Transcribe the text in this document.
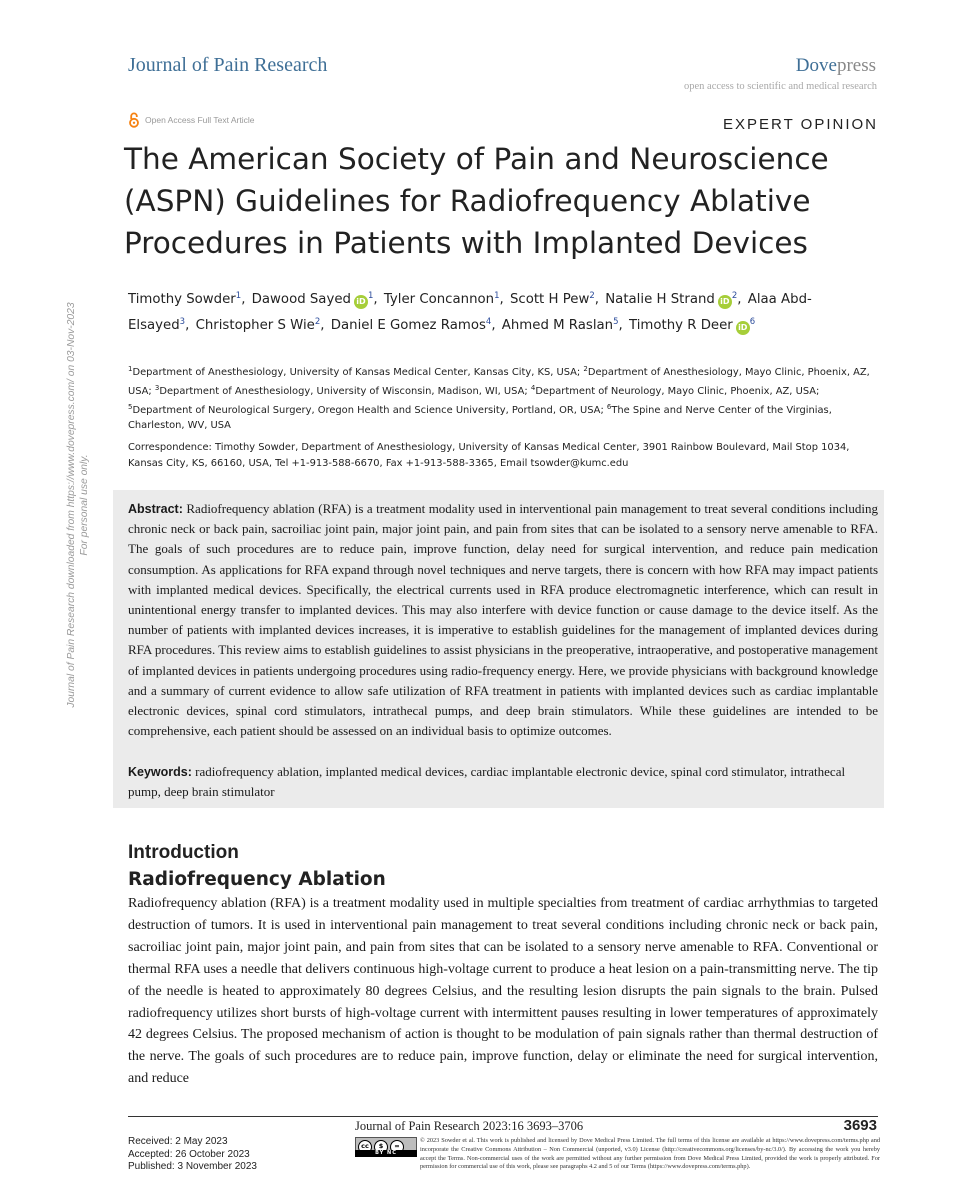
Journal of Pain Research	Dovepress
open access to scientific and medical research
Open Access Full Text Article	EXPERT OPINION
The American Society of Pain and Neuroscience (ASPN) Guidelines for Radiofrequency Ablative Procedures in Patients with Implanted Devices
Timothy Sowder$^1$, Dawood Sayed $iD^1$, Tyler Concannon$^1$, Scott H Pew$^2$, Natalie H Strand $iD^2$, Alaa Abd-Elsayed$^3$, Christopher S Wie$^2$, Daniel E Gomez Ramos$^4$, Ahmed M Raslan$^5$, Timothy R Deer $iD^6$
$^1$Department of Anesthesiology, University of Kansas Medical Center, Kansas City, KS, USA; $^2$Department of Anesthesiology, Mayo Clinic, Phoenix, AZ, USA; $^3$Department of Anesthesiology, University of Wisconsin, Madison, WI, USA; $^4$Department of Neurology, Mayo Clinic, Phoenix, AZ, USA; $^5$Department of Neurological Surgery, Oregon Health and Science University, Portland, OR, USA; $^6$The Spine and Nerve Center of the Virginias, Charleston, WV, USA
Correspondence: Timothy Sowder, Department of Anesthesiology, University of Kansas Medical Center, 3901 Rainbow Boulevard, Mail Stop 1034, Kansas City, KS, 66160, USA, Tel +1-913-588-6670, Fax +1-913-588-3365, Email tsowder@kumc.edu
Abstract: Radiofrequency ablation (RFA) is a treatment modality used in interventional pain management to treat several conditions including chronic neck or back pain, sacroiliac joint pain, major joint pain, and pain from sites that can be isolated to a sensory nerve amenable to RFA. The goals of such procedures are to reduce pain, improve function, delay need for surgical intervention, and reduce pain medication consumption. As applications for RFA expand through novel techniques and nerve targets, there is concern with how RFA may impact patients with implanted medical devices. Specifically, the electrical currents used in RFA produce electromagnetic interference, which can result in unintentional energy transfer to implanted devices. This may also interfere with device function or cause damage to the device itself. As the number of patients with implanted devices increases, it is imperative to establish guidelines for the management of implanted devices during RFA procedures. This review aims to establish guidelines to assist physicians in the preoperative, intraoperative, and postoperative management of implanted devices in patients undergoing procedures using radio-frequency energy. Here, we provide physicians with background knowledge and a summary of current evidence to allow safe utilization of RFA treatment in patients with implanted devices such as cardiac implantable electronic devices, spinal cord stimulators, intrathecal pumps, and deep brain stimulators. While these guidelines are intended to be comprehensive, each patient should be assessed on an individual basis to optimize outcomes.
Keywords: radiofrequency ablation, implanted medical devices, cardiac implantable electronic device, spinal cord stimulator, intrathecal pump, deep brain stimulator
Introduction
Radiofrequency Ablation

Radiofrequency ablation (RFA) is a treatment modality used in multiple specialties from treatment of cardiac arrhythmias to targeted destruction of tumors. It is used in interventional pain management to treat several conditions including chronic neck or back pain, sacroiliac joint pain, major joint pain, and pain from sites that can be isolated to a sensory nerve amenable to RFA. Conventional or thermal RFA uses a needle that delivers continuous high-voltage current to produce a heat lesion on a pain-transmitting nerve. The tip of the needle is heated to approximately 80 degrees Celsius, and the resulting lesion disrupts the pain signals to the brain. Pulsed radiofrequency utilizes short bursts of high-voltage current with intermittent pauses resulting in lower temperatures of approximately 42 degrees Celsius. The proposed mechanism of action is thought to be modulation of pain signals rather than thermal destruction of the nerve. The goals of such procedures are to reduce pain, improve function, delay or eliminate the need for surgical intervention, and reduce

Journal of Pain Research 2023:16 3693–3706	3693
Received: 2 May 2023
Accepted: 26 October 2023
Published: 3 November 2023
cc	$	=
BY NC
© 2023 Sowder et al. This work is published and licensed by Dove Medical Press Limited. The full terms of this license are available at https://www.dovepress.com/terms.php and incorporate the Creative Commons Attribution – Non Commercial (unported, v3.0) License (http://creativecommons.org/licenses/by-nc/3.0/). By accessing the work you hereby accept the Terms. Non-commercial uses of the work are permitted without any further permission from Dove Medical Press Limited, provided the work is properly attributed. For permission for commercial use of this work, please see paragraphs 4.2 and 5 of our Terms (https://www.dovepress.com/terms.php).
Journal of Pain Research downloaded from https://www.dovepress.com/ on 03-Nov-2023 For personal use only.
